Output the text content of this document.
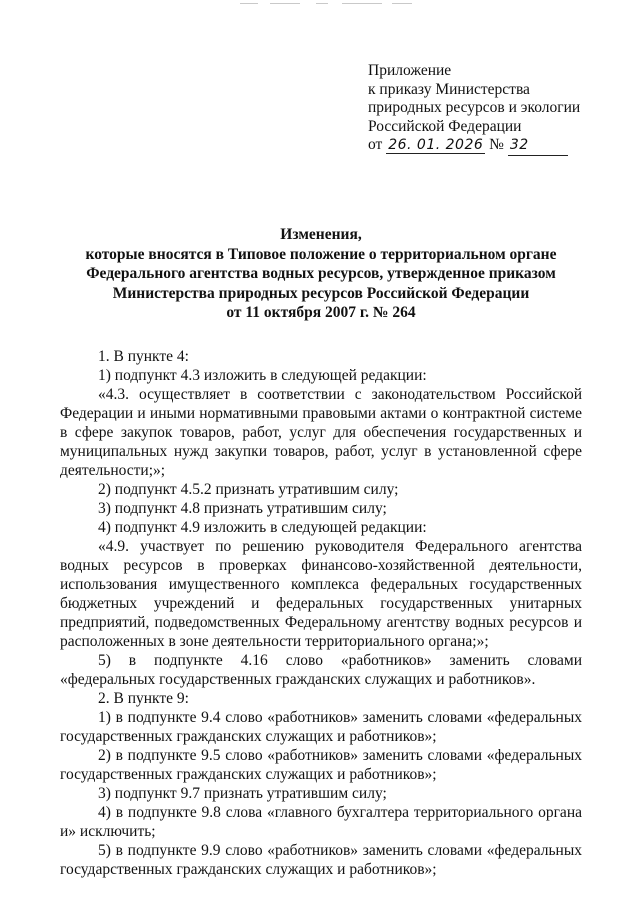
Приложение
к приказу Министерства
природных ресурсов и экологии
Российской Федерации
от 26. 01. 2026 № 32
Изменения,
которые вносятся в Типовое положение о территориальном органе
Федерального агентства водных ресурсов, утвержденное приказом
Министерства природных ресурсов Российской Федерации
от 11 октября 2007 г. № 264

1. В пункте 4:

1) подпункт 4.3 изложить в следующей редакции:

«4.3. осуществляет в соответствии с законодательством Российской Федерации и иными нормативными правовыми актами о контрактной системе в сфере закупок товаров, работ, услуг для обеспечения государственных и муниципальных нужд закупки товаров, работ, услуг в установленной сфере деятельности;»;

2) подпункт 4.5.2 признать утратившим силу;

3) подпункт 4.8 признать утратившим силу;

4) подпункт 4.9 изложить в следующей редакции:

«4.9. участвует по решению руководителя Федерального агентства водных ресурсов в проверках финансово-хозяйственной деятельности, использования имущественного комплекса федеральных государственных бюджетных учреждений и федеральных государственных унитарных предприятий, подведомственных Федеральному агентству водных ресурсов и расположенных в зоне деятельности территориального органа;»;

5) в подпункте 4.16 слово «работников» заменить словами «федеральных государственных гражданских служащих и работников».

2. В пункте 9:

1) в подпункте 9.4 слово «работников» заменить словами «федеральных государственных гражданских служащих и работников»;

2) в подпункте 9.5 слово «работников» заменить словами «федеральных государственных гражданских служащих и работников»;

3) подпункт 9.7 признать утратившим силу;

4) в подпункте 9.8 слова «главного бухгалтера территориального органа и» исключить;

5) в подпункте 9.9 слово «работников» заменить словами «федеральных государственных гражданских служащих и работников»;
